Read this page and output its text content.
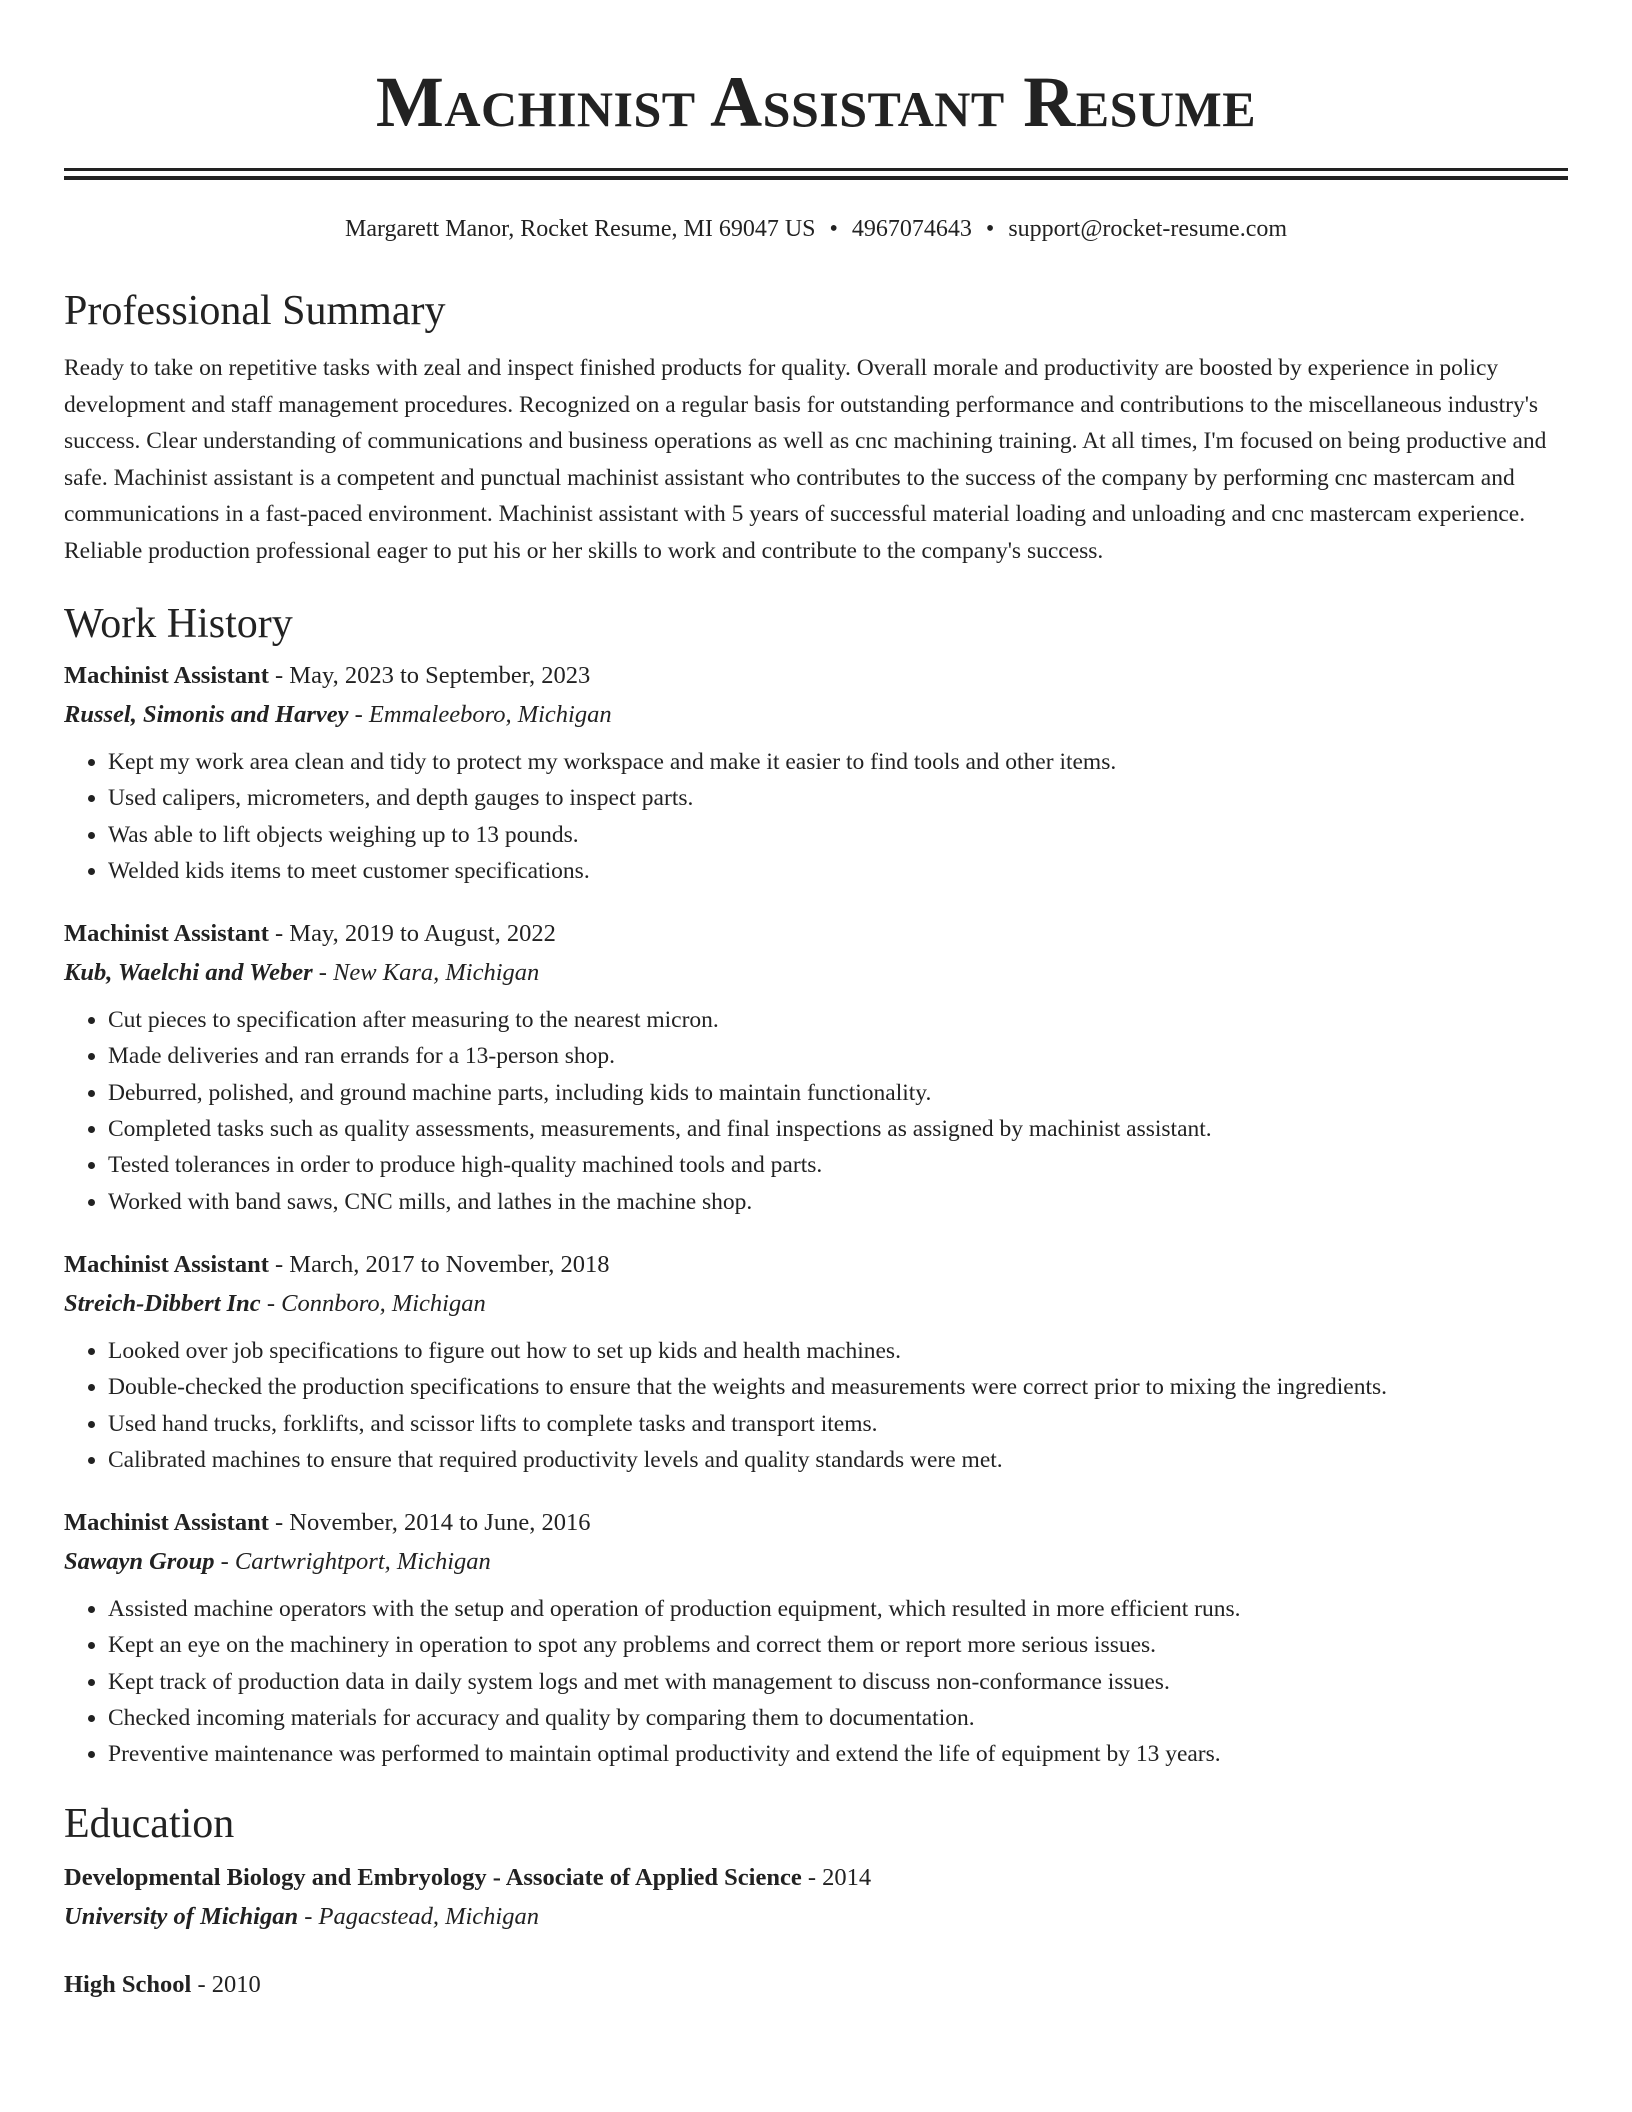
Machinist Assistant Resume
Margarett Manor, Rocket Resume, MI 69047 US • 4967074643 • support@rocket-resume.com
Professional Summary
Ready to take on repetitive tasks with zeal and inspect finished products for quality. Overall morale and productivity are boosted by experience in policy development and staff management procedures. Recognized on a regular basis for outstanding performance and contributions to the miscellaneous industry's success. Clear understanding of communications and business operations as well as cnc machining training. At all times, I'm focused on being productive and safe. Machinist assistant is a competent and punctual machinist assistant who contributes to the success of the company by performing cnc mastercam and communications in a fast-paced environment. Machinist assistant with 5 years of successful material loading and unloading and cnc mastercam experience. Reliable production professional eager to put his or her skills to work and contribute to the company's success.
Work History
Machinist Assistant - May, 2023 to September, 2023
Russel, Simonis and Harvey - Emmaleeboro, Michigan
• Kept my work area clean and tidy to protect my workspace and make it easier to find tools and other items.
• Used calipers, micrometers, and depth gauges to inspect parts.
• Was able to lift objects weighing up to 13 pounds.
• Welded kids items to meet customer specifications.
Machinist Assistant - May, 2019 to August, 2022
Kub, Waelchi and Weber - New Kara, Michigan
• Cut pieces to specification after measuring to the nearest micron.
• Made deliveries and ran errands for a 13-person shop.
• Deburred, polished, and ground machine parts, including kids to maintain functionality.
• Completed tasks such as quality assessments, measurements, and final inspections as assigned by machinist assistant.
• Tested tolerances in order to produce high-quality machined tools and parts.
• Worked with band saws, CNC mills, and lathes in the machine shop.
Machinist Assistant - March, 2017 to November, 2018
Streich-Dibbert Inc - Connboro, Michigan
• Looked over job specifications to figure out how to set up kids and health machines.
• Double-checked the production specifications to ensure that the weights and measurements were correct prior to mixing the ingredients.
• Used hand trucks, forklifts, and scissor lifts to complete tasks and transport items.
• Calibrated machines to ensure that required productivity levels and quality standards were met.
Machinist Assistant - November, 2014 to June, 2016
Sawayn Group - Cartwrightport, Michigan
• Assisted machine operators with the setup and operation of production equipment, which resulted in more efficient runs.
• Kept an eye on the machinery in operation to spot any problems and correct them or report more serious issues.
• Kept track of production data in daily system logs and met with management to discuss non-conformance issues.
• Checked incoming materials for accuracy and quality by comparing them to documentation.
• Preventive maintenance was performed to maintain optimal productivity and extend the life of equipment by 13 years.
Education
Developmental Biology and Embryology - Associate of Applied Science - 2014
University of Michigan - Pagacstead, Michigan
High School - 2010
